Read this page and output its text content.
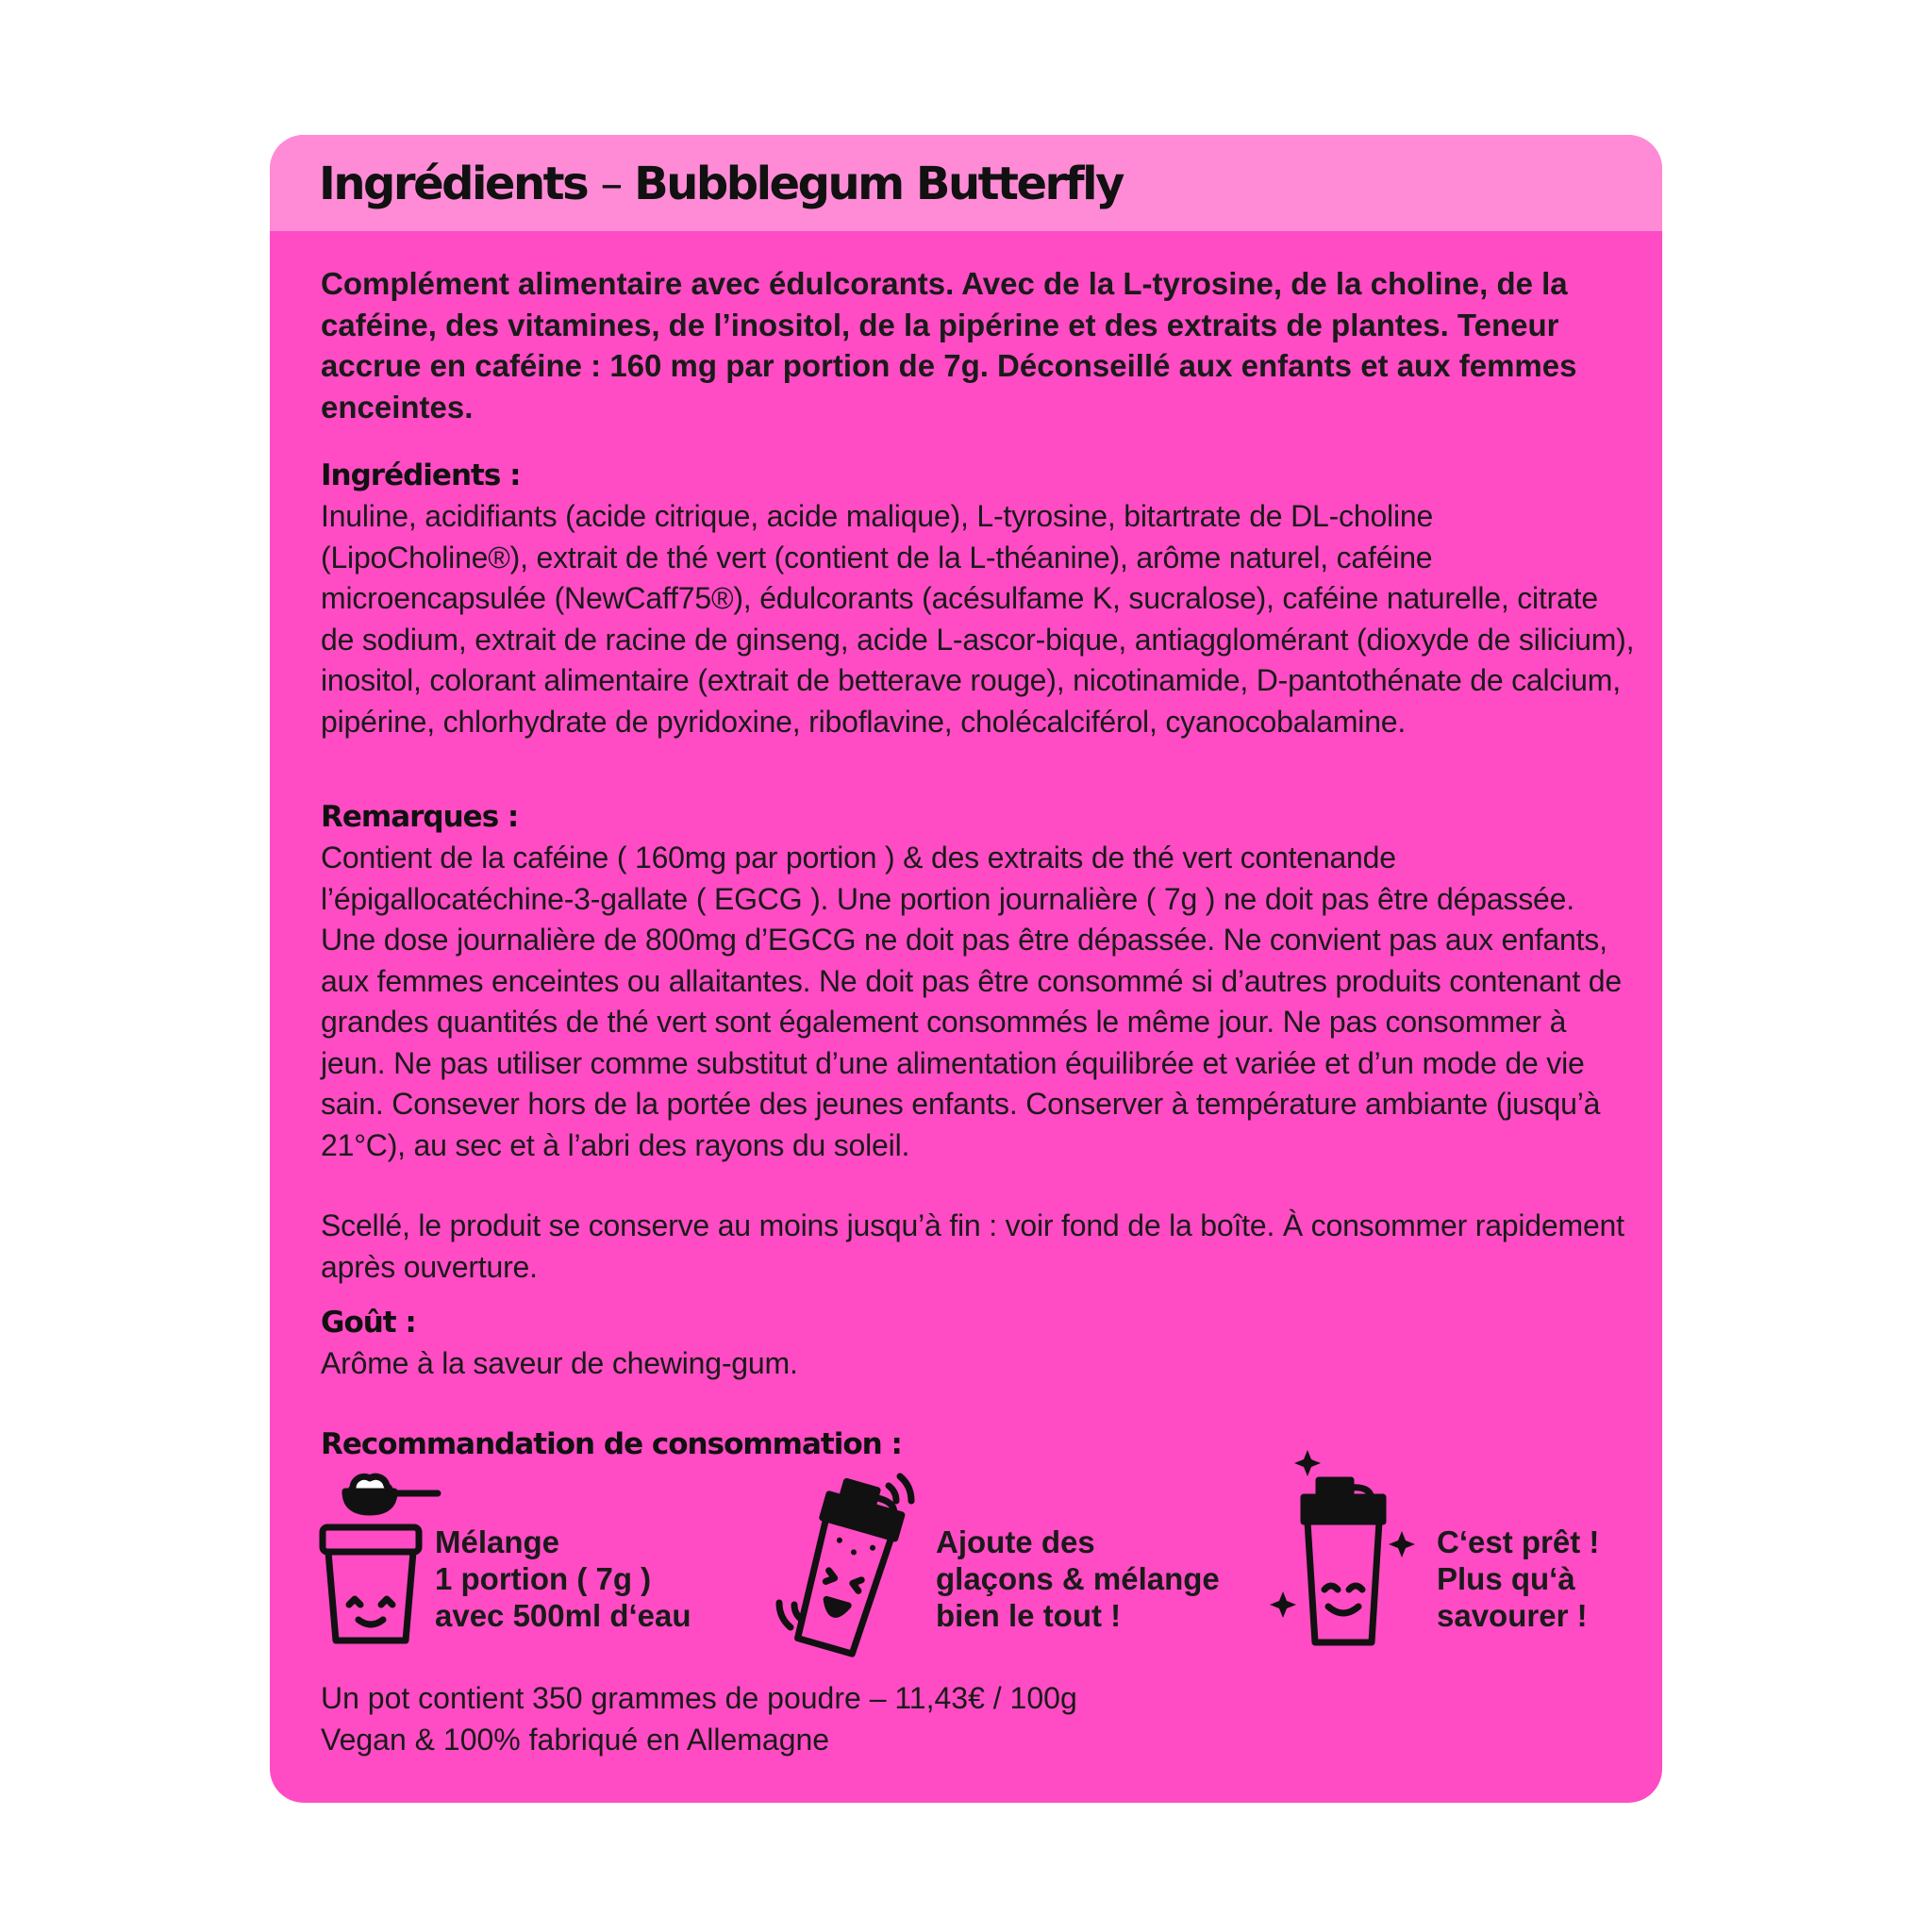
Ingrédients – Bubblegum Butterfly

Complément alimentaire avec édulcorants. Avec de la L-tyrosine, de la choline, de la caféine, des vitamines, de l’inositol, de la pipérine et des extraits de plantes. Teneur accrue en caféine : 160 mg par portion de 7g. Déconseillé aux enfants et aux femmes enceintes.

Ingrédients :

Inuline, acidifiants (acide citrique, acide malique), L-tyrosine, bitartrate de DL-choline (LipoCholine®), extrait de thé vert (contient de la L-théanine), arôme naturel, caféine microencapsulée (NewCaff75®), édulcorants (acésulfame K, sucralose), caféine naturelle, citrate de sodium, extrait de racine de ginseng, acide L-ascor-bique, antiagglomérant (dioxyde de silicium), inositol, colorant alimentaire (extrait de betterave rouge), nicotinamide, D-pantothénate de calcium, pipérine, chlorhydrate de pyridoxine, riboflavine, cholécalciférol, cyanocobalamine.

Remarques :

Contient de la caféine ( 160mg par portion ) & des extraits de thé vert contenande l’épigallocatéchine-3-gallate ( EGCG ). Une portion journalière ( 7g ) ne doit pas être dépassée. Une dose journalière de 800mg d’EGCG ne doit pas être dépassée. Ne convient pas aux enfants, aux femmes enceintes ou allaitantes. Ne doit pas être consommé si d’autres produits contenant de grandes quantités de thé vert sont également consommés le même jour. Ne pas consommer à jeun. Ne pas utiliser comme substitut d’une alimentation équilibrée et variée et d’un mode de vie sain. Consever hors de la portée des jeunes enfants. Conserver à température ambiante (jusqu’à 21°C), au sec et à l’abri des rayons du soleil.

Scellé, le produit se conserve au moins jusqu’à fin : voir fond de la boîte. À consommer rapidement après ouverture.

Goût :

Arôme à la saveur de chewing-gum.

Recommandation de consommation :
Mélange
1 portion ( 7g )
avec 500ml d‘eau
Ajoute des
glaçons & mélange
bien le tout !
C‘est prêt !
Plus qu‘à
savourer !
Un pot contient 350 grammes de poudre – 11,43€ / 100g
Vegan & 100% fabriqué en Allemagne
